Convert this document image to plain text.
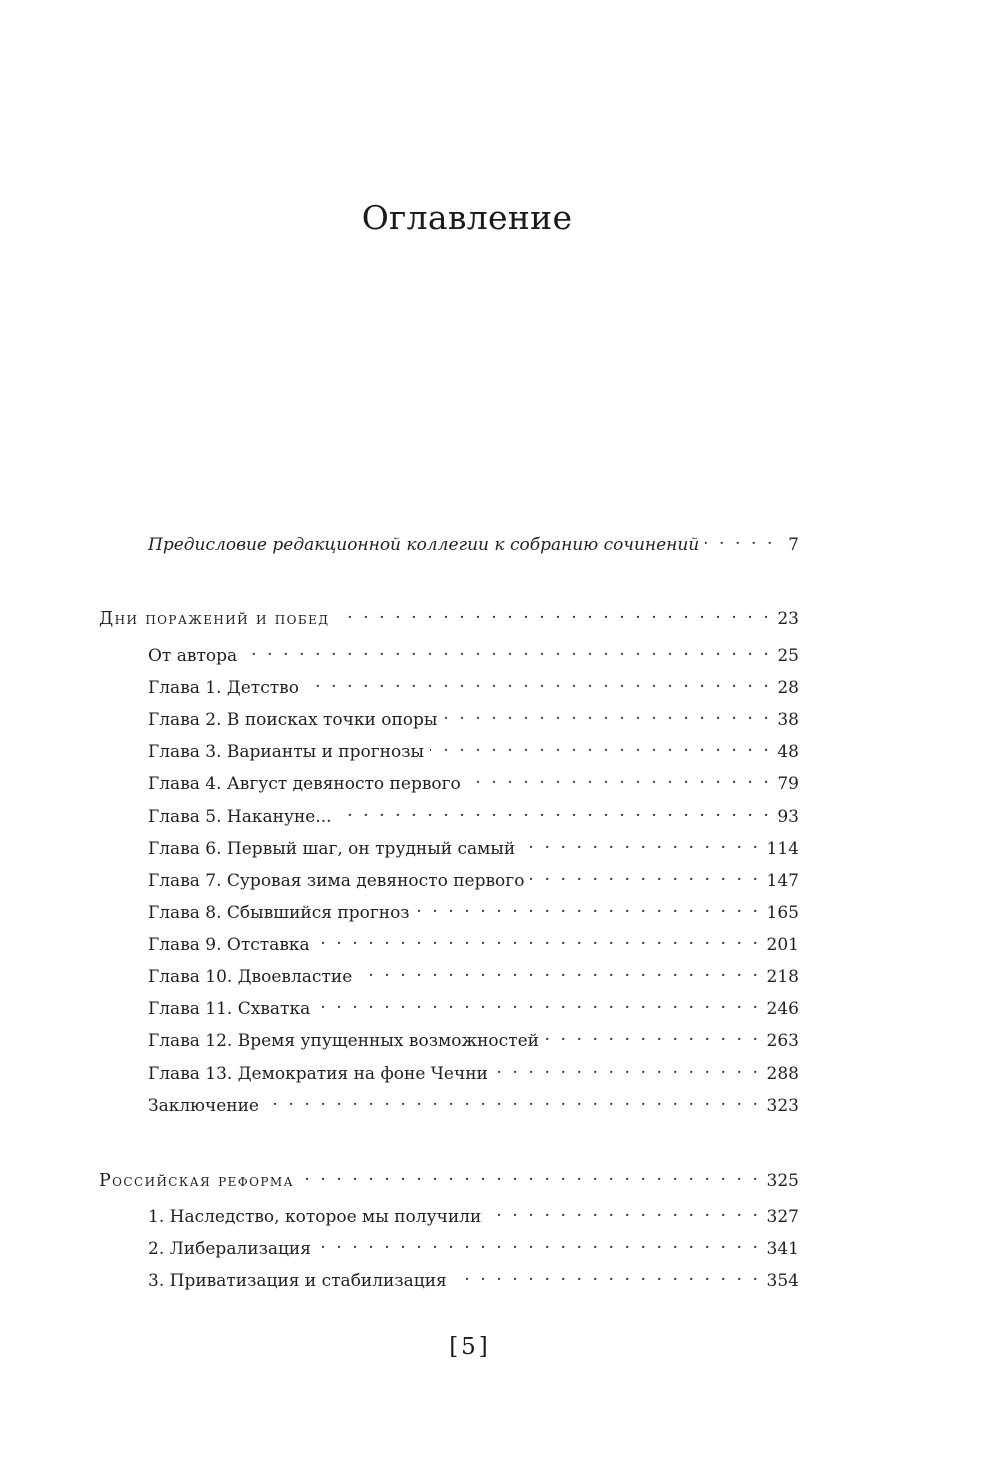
Оглавление
Предисловие редакционной коллегии к собранию сочинений . . .	7
Дни поражений и побед . . .	23
От автора . . .	25
Глава 1. Детство . . .	28
Глава 2. В поисках точки опоры . . .	38
Глава 3. Варианты и прогнозы . . .	48
Глава 4. Август девяносто первого . . .	79
Глава 5. Накануне... . . .	93
Глава 6. Первый шаг, он трудный самый . . .	114
Глава 7. Суровая зима девяносто первого . . .	147
Глава 8. Сбывшийся прогноз . . .	165
Глава 9. Отставка . . .	201
Глава 10. Двоевластие . . .	218
Глава 11. Схватка . . .	246
Глава 12. Время упущенных возможностей . . .	263
Глава 13. Демократия на фоне Чечни . . .	288
Заключение . . .	323
Российская реформа . . .	325
1. Наследство, которое мы получили . . .	327
2. Либерализация . . .	341
3. Приватизация и стабилизация . . .	354
[5]
